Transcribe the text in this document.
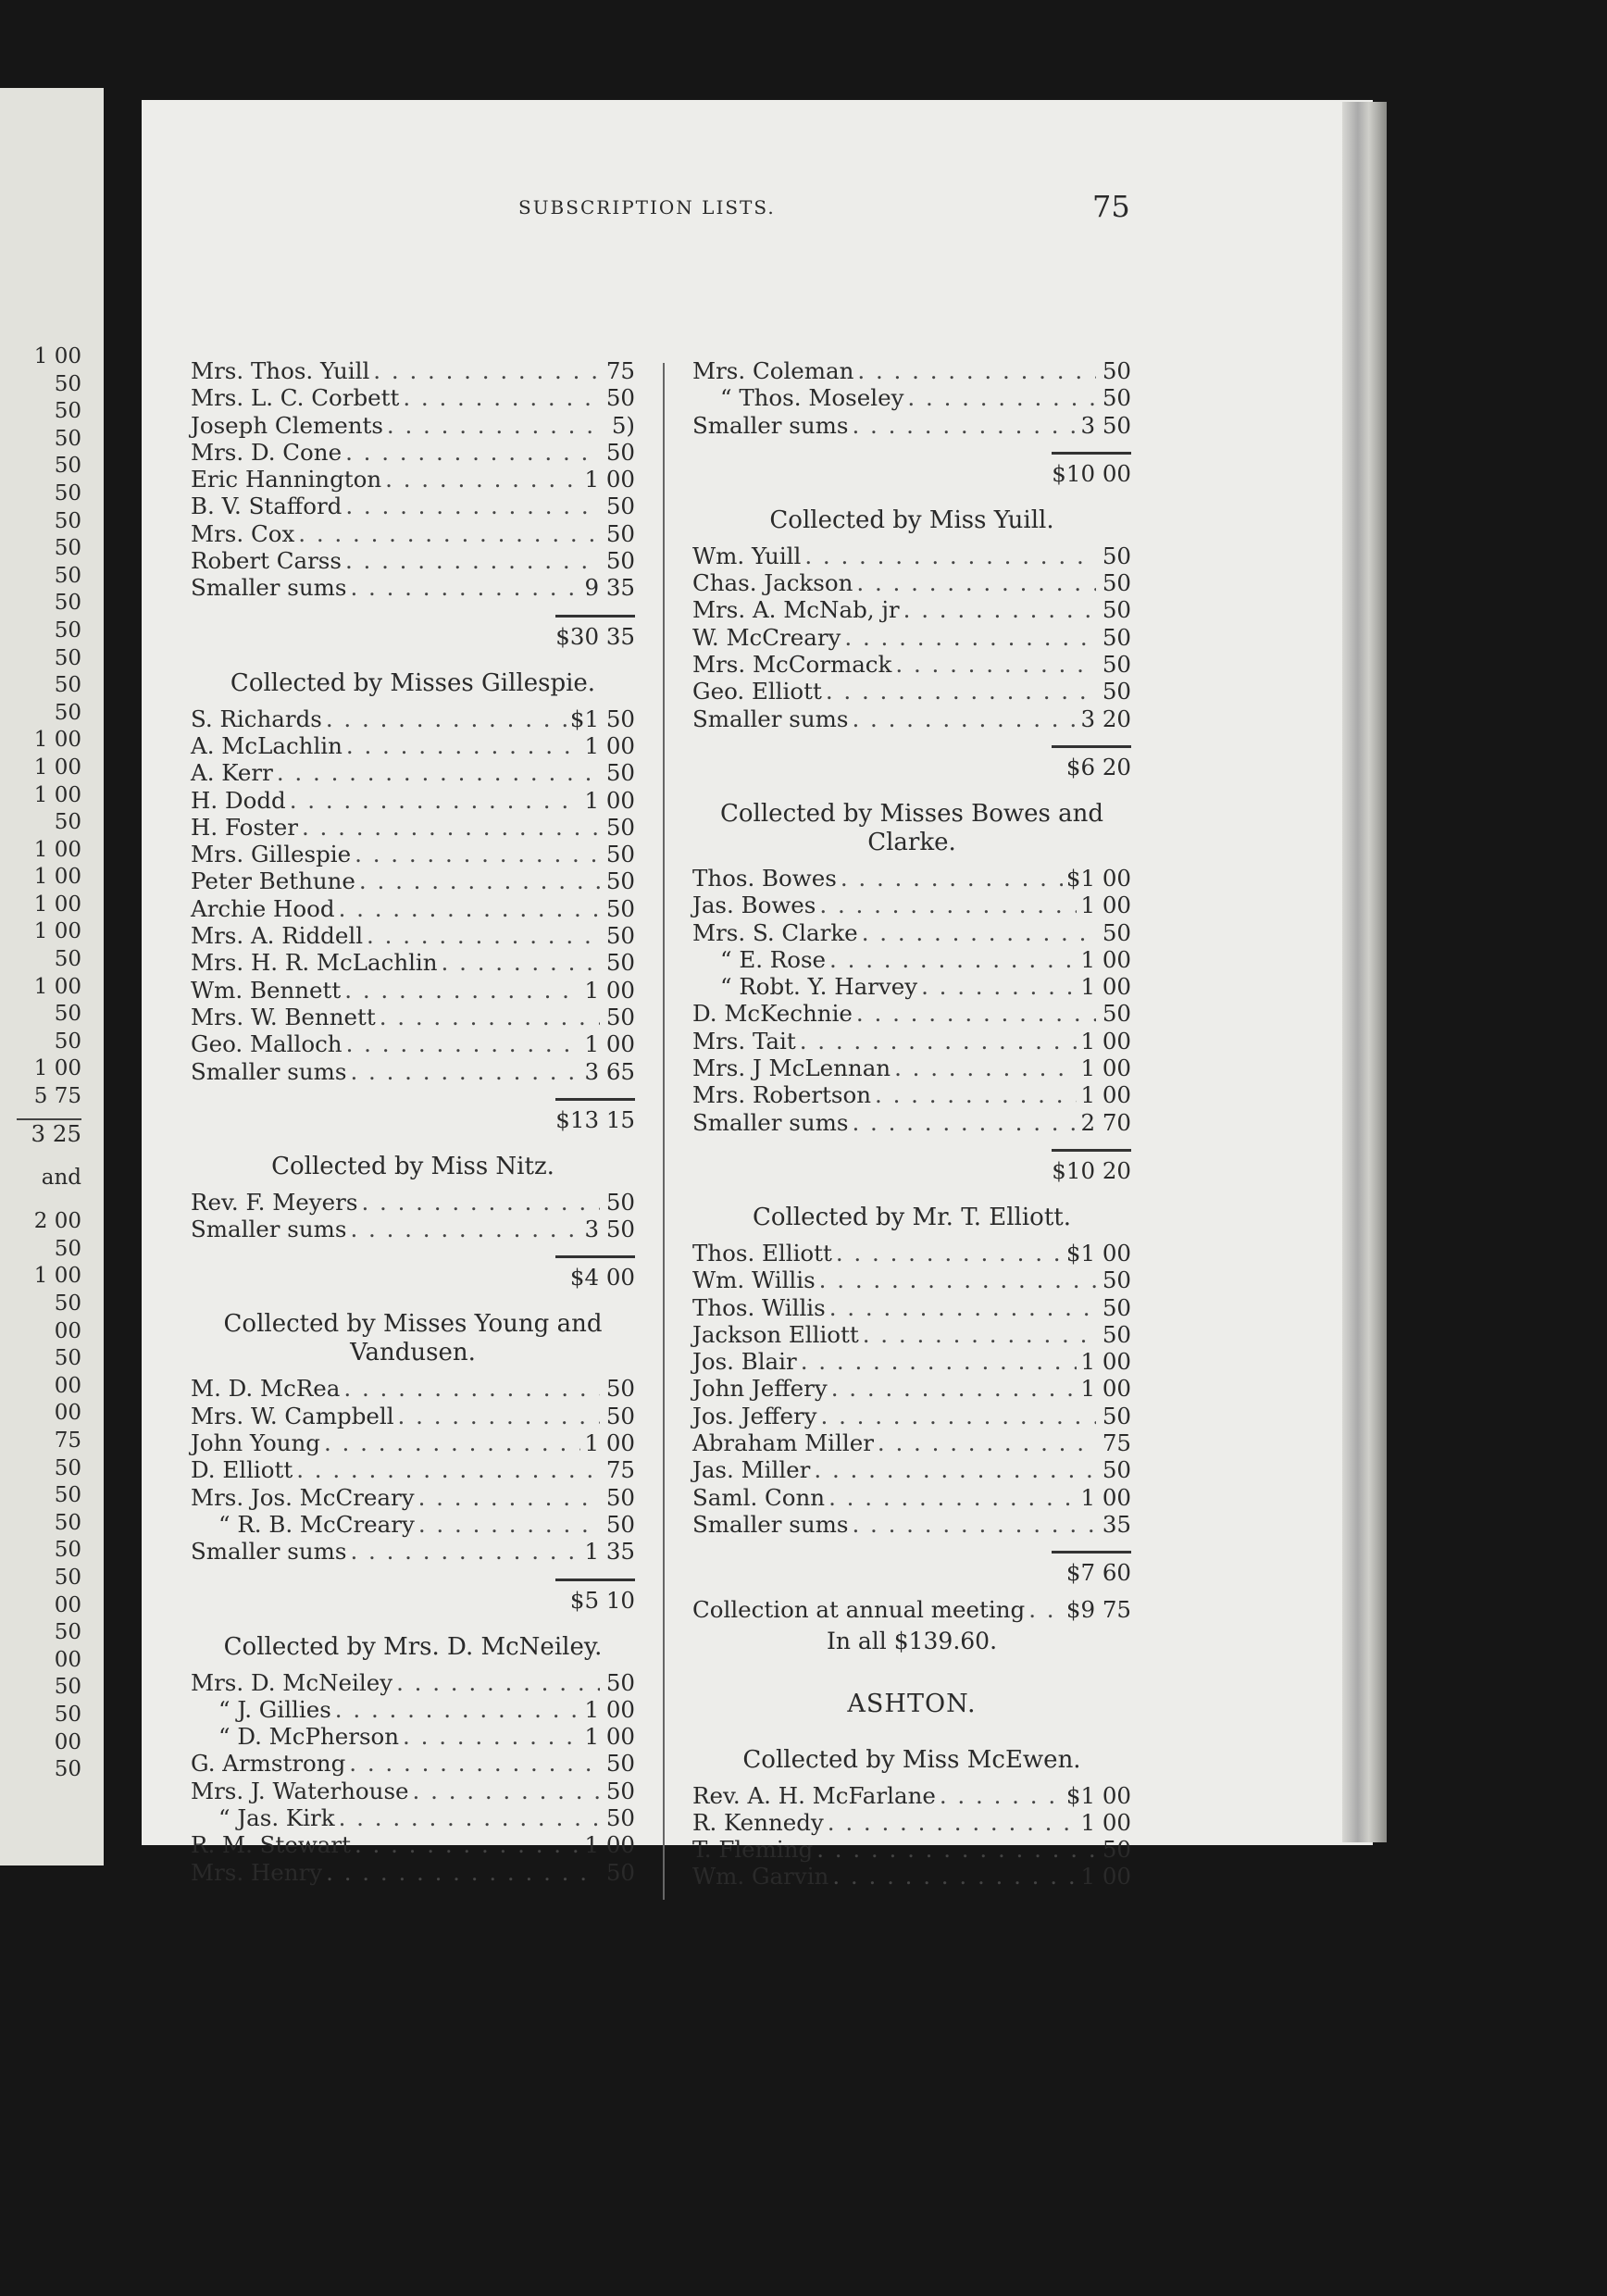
1 00
50
50
50
50
50
50
50
50
50
50
50
50
50
1 00
1 00
1 00
50
1 00
1 00
1 00
1 00
50
1 00
50
50
1 00
5 75
3 25
and
2 00
50
1 00
50
00
50
00
00
75
50
50
50
50
50
00
50
00
50
50
00
50
SUBSCRIPTION LISTS.	75
Mrs. Thos. Yuill . . .	75
Mrs. L. C. Corbett . . .	50
Joseph Clements . . .	5)
Mrs. D. Cone . . .	50
Eric Hannington . . .	1 00
B. V. Stafford . . .	50
Mrs. Cox . . .	50
Robert Carss . . .	50
Smaller sums . . .	9 35
$30 35
Collected by Misses Gillespie.
S. Richards . . .	$1 50
A. McLachlin . . .	1 00
A. Kerr . . .	50
H. Dodd . . .	1 00
H. Foster . . .	50
Mrs. Gillespie . . .	50
Peter Bethune . . .	50
Archie Hood . . .	50
Mrs. A. Riddell . . .	50
Mrs. H. R. McLachlin . . .	50
Wm. Bennett . . .	1 00
Mrs. W. Bennett . . .	50
Geo. Malloch . . .	1 00
Smaller sums . . .	3 65
$13 15
Collected by Miss Nitz.
Rev. F. Meyers . . .	50
Smaller sums . . .	3 50
$4 00
Collected by Misses Young and Vandusen.
M. D. McRea . . .	50
Mrs. W. Campbell . . .	50
John Young . . .	1 00
D. Elliott . . .	75
Mrs. Jos. McCreary . . .	50
“ R. B. McCreary . . .	50
Smaller sums . . .	1 35
$5 10
Collected by Mrs. D. McNeiley.
Mrs. D. McNeiley . . .	50
“ J. Gillies . . .	1 00
“ D. McPherson . . .	1 00
G. Armstrong . . .	50
Mrs. J. Waterhouse . . .	50
“ Jas. Kirk . . .	50
R. M. Stewart . . .	1 00
Mrs. Henry . . .	50
Mrs. Coleman . . .	50
“ Thos. Moseley . . .	50
Smaller sums . . .	3 50
$10 00
Collected by Miss Yuill.
Wm. Yuill . . .	50
Chas. Jackson . . .	50
Mrs. A. McNab, jr . . .	50
W. McCreary . . .	50
Mrs. McCormack . . .	50
Geo. Elliott . . .	50
Smaller sums . . .	3 20
$6 20
Collected by Misses Bowes and Clarke.
Thos. Bowes . . .	$1 00
Jas. Bowes . . .	1 00
Mrs. S. Clarke . . .	50
“ E. Rose . . .	1 00
“ Robt. Y. Harvey . . .	1 00
D. McKechnie . . .	50
Mrs. Tait . . .	1 00
Mrs. J McLennan . . .	1 00
Mrs. Robertson . . .	1 00
Smaller sums . . .	2 70
$10 20
Collected by Mr. T. Elliott.
Thos. Elliott . . .	$1 00
Wm. Willis . . .	50
Thos. Willis . . .	50
Jackson Elliott . . .	50
Jos. Blair . . .	1 00
John Jeffery . . .	1 00
Jos. Jeffery . . .	50
Abraham Miller . . .	75
Jas. Miller . . .	50
Saml. Conn . . .	1 00
Smaller sums . . .	35
$7 60
Collection at annual meeting . . . $9 75
In all $139.60.
ASHTON.
Collected by Miss McEwen.
Rev. A. H. McFarlane . . .	$1 00
R. Kennedy . . .	1 00
T. Fleming . . .	50
Wm. Garvin . . .	1 00
